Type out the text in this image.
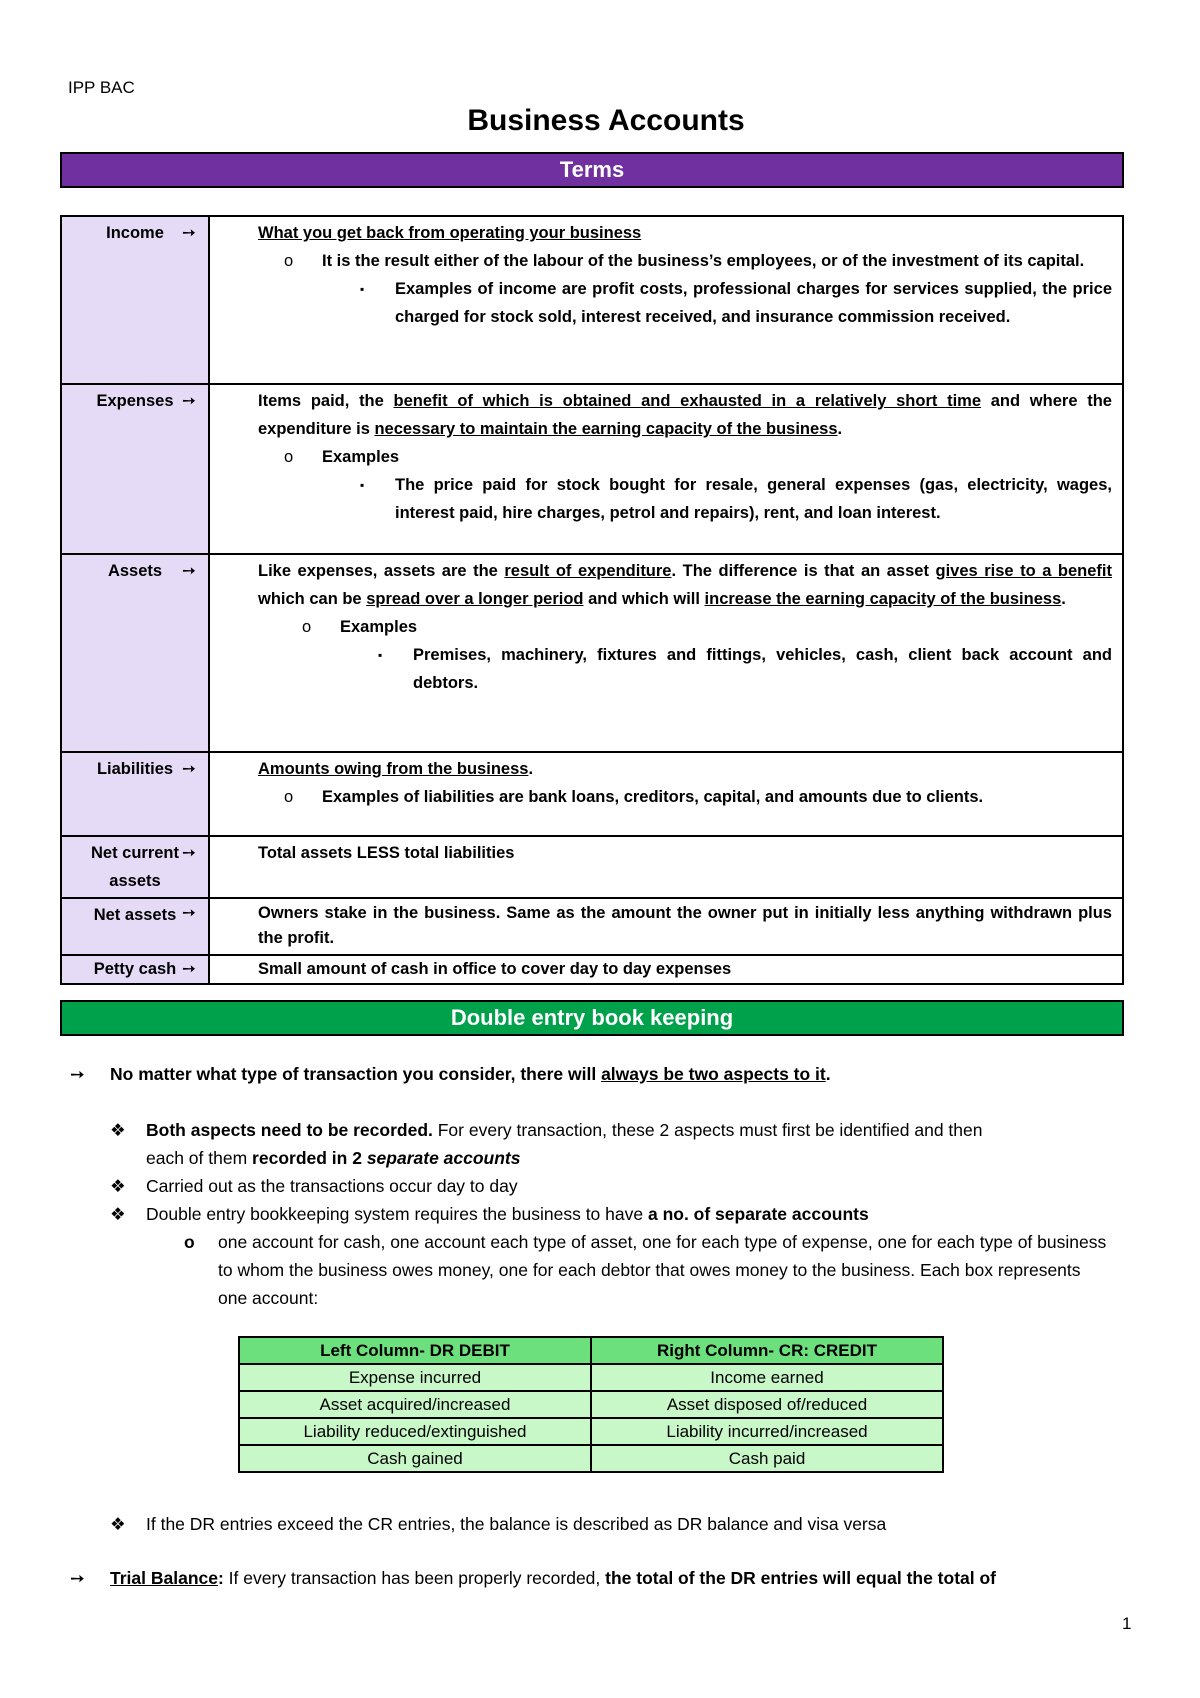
IPP BAC
Business Accounts
Terms
Income	➙ What you get back from operating your business
o It is the result either of the labour of the business’s employees, or of the investment of its capital.
▪ Examples of income are profit costs, professional charges for services supplied, the price charged for stock sold, interest received, and insurance commission received.

Expenses	➙ Items paid, the benefit of which is obtained and exhausted in a relatively short time and where the expenditure is necessary to maintain the earning capacity of the business.
o Examples
▪ The price paid for stock bought for resale, general expenses (gas, electricity, wages, interest paid, hire charges, petrol and repairs), rent, and loan interest.

Assets	➙ Like expenses, assets are the result of expenditure. The difference is that an asset gives rise to a benefit which can be spread over a longer period and which will increase the earning capacity of the business.
o Examples
▪ Premises, machinery, fixtures and fittings, vehicles, cash, client back account and debtors.

Liabilities	➙ Amounts owing from the business.
o Examples of liabilities are bank loans, creditors, capital, and amounts due to clients.

Net current assets	➙ Total assets LESS total liabilities

Net assets	➙ Owners stake in the business. Same as the amount the owner put in initially less anything withdrawn plus the profit.

Petty cash	➙ Small amount of cash in office to cover day to day expenses
Double entry book keeping
➙ No matter what type of transaction you consider, there will always be two aspects to it.
❖ Both aspects need to be recorded. For every transaction, these 2 aspects must first be identified and then
each of them recorded in 2 separate accounts
❖ Carried out as the transactions occur day to day
❖ Double entry bookkeeping system requires the business to have a no. of separate accounts
o one account for cash, one account each type of asset, one for each type of expense, one for each type of business to whom the business owes money, one for each debtor that owes money to the business. Each box represents one account:
Left Column- DR DEBIT	Right Column- CR: CREDIT
Expense incurred	Income earned
Asset acquired/increased	Asset disposed of/reduced
Liability reduced/extinguished	Liability incurred/increased
Cash gained	Cash paid
❖ If the DR entries exceed the CR entries, the balance is described as DR balance and visa versa
➙ Trial Balance: If every transaction has been properly recorded, the total of the DR entries will equal the total of
1
